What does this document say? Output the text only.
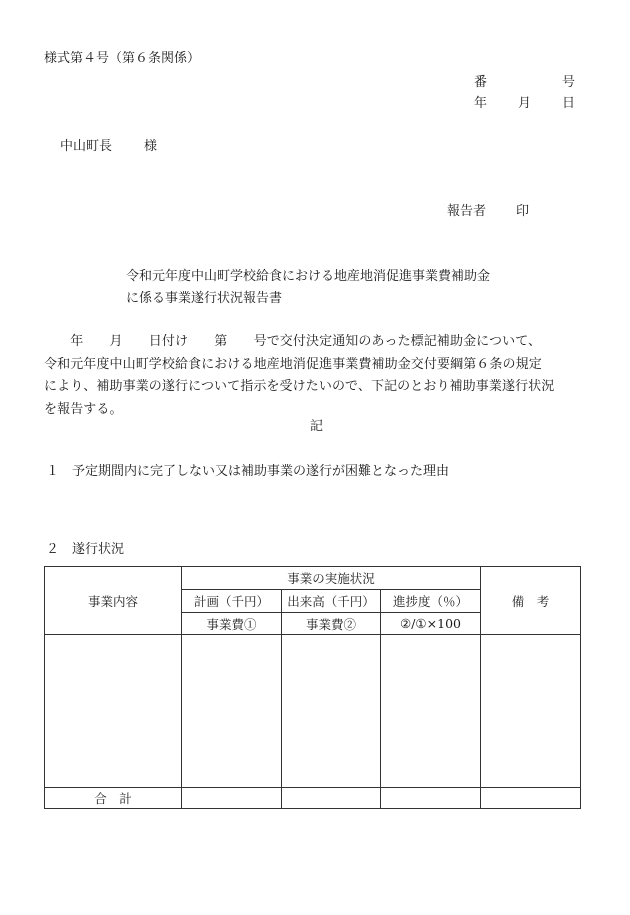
様式第４号（第６条関係）
番	号
年 月 日
中山町長 様
報告者 印
令和元年度中山町学校給食における地産地消促進事業費補助金
に係る事業遂行状況報告書
　　年　　月　　日付け　　第　　号で交付決定通知のあった標記補助金について、
令和元年度中山町学校給食における地産地消促進事業費補助金交付要綱第６条の規定
により、補助事業の遂行について指示を受けたいので、下記のとおり補助事業遂行状況
を報告する。
記
１ 予定期間内に完了しない又は補助事業の遂行が困難となった理由
２ 遂行状況
事業内容	事業の実施状況			備　考
	計画（千円）	出来高（千円）	進捗度（％）	
	事業費①	事業費②	②/①×100	

合　計				
